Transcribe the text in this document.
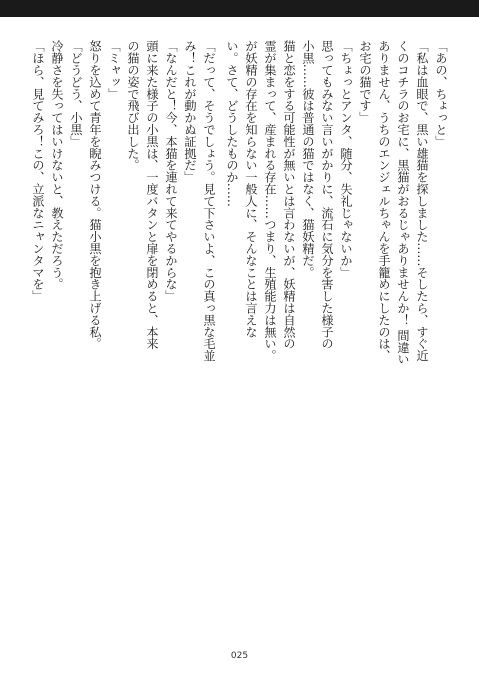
「あの、ちょっと」

「私は血眼で、黒い雄猫を探しました……そしたら、すぐ近

くのコチラのお宅に、黒猫がおるじゃありませんか！ 間違い

ありません、うちのエンジェルちゃんを手籠めにしたのは、

お宅の猫です」

「ちょっとアンタ、随分、失礼じゃないか」

思ってもみない言いがかりに、流石に気分を害した様子の

小黒……彼は普通の猫ではなく、猫妖精だ。

猫と恋をする可能性が無いとは言わないが、妖精は自然の

霊が集まって、産まれる存在……つまり、生殖能力は無い。

が妖精の存在を知らない一般人に、そんなことは言えな

い。さて、どうしたものか……

「だって、そうでしょう。見て下さいよ、この真っ黒な毛並

み！これが動かぬ証拠だ」

「なんだと！今、本猫を連れて来てやるからな」

頭に来た様子の小黒は、一度バタンと扉を閉めると、本来

の猫の姿で飛び出した。

「ミャッ」

怒りを込めて青年を睨みつける。猫小黒を抱き上げる私。

「どうどう、小黒」

冷静さを失ってはいけないと、教えただろう。

「ほら、見てみろ！この、立派なニャンタマを」

025
